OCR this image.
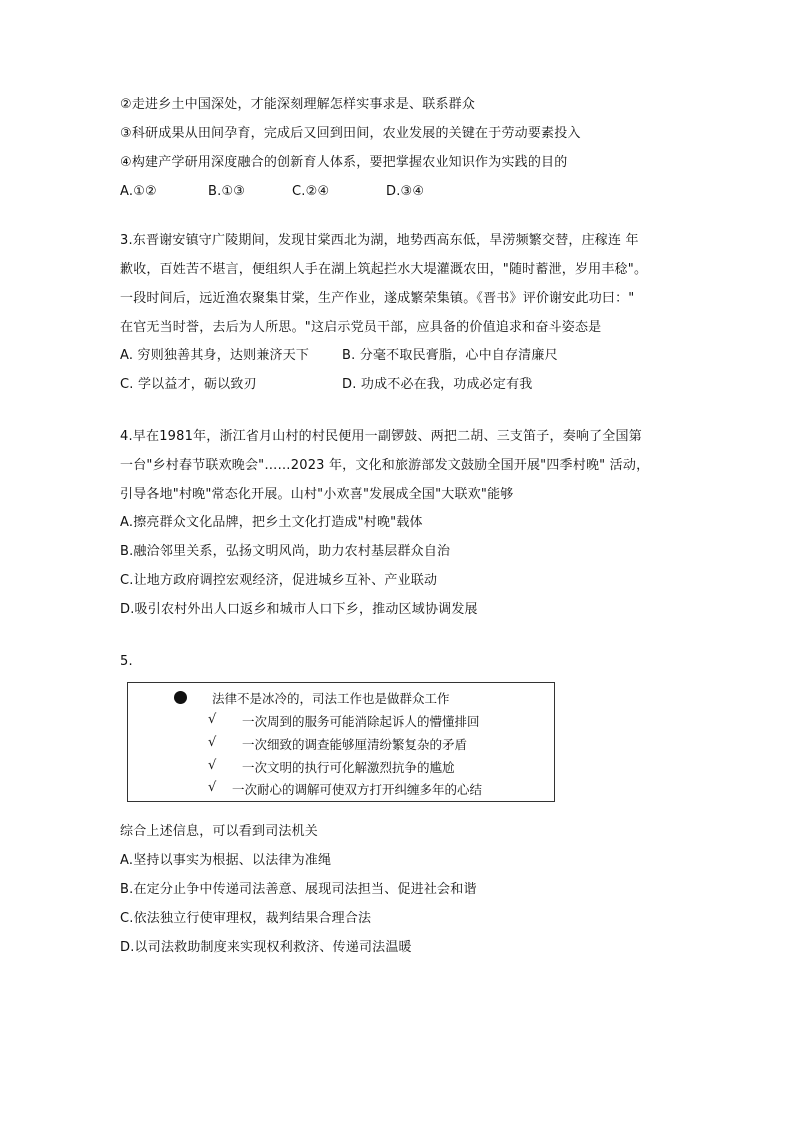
②走进乡土中国深处，才能深刻理解怎样实事求是、联系群众
③科研成果从田间孕育，完成后又回到田间，农业发展的关键在于劳动要素投入
④构建产学研用深度融合的创新育人体系，要把掌握农业知识作为实践的目的
A.①②	B.①③	C.②④	D.③④
3.东晋谢安镇守广陵期间，发现甘棠西北为湖，地势西高东低，旱涝频繁交替，庄稼连 年
歉收，百姓苦不堪言，便组织人手在湖上筑起拦水大堤灌溉农田，"随时蓄泄，岁用丰稔"。
一段时间后，远近渔农聚集甘棠，生产作业，遂成繁荣集镇。《晋书》评价谢安此功曰："
在官无当时誉，去后为人所思。"这启示党员干部，应具备的价值追求和奋斗姿态是
A. 穷则独善其身，达则兼济天下	B. 分毫不取民膏脂，心中自存清廉尺
C. 学以益才，砺以致刃	D. 功成不必在我，功成必定有我
4.早在1981年，浙江省月山村的村民便用一副锣鼓、两把二胡、三支笛子，奏响了全国第
一台"乡村春节联欢晚会"……2023 年，文化和旅游部发文鼓励全国开展"四季村晚" 活动，
引导各地"村晚"常态化开展。山村"小欢喜"发展成全国"大联欢"能够
A.擦亮群众文化品牌，把乡土文化打造成"村晚"载体
B.融洽邻里关系，弘扬文明风尚，助力农村基层群众自治
C.让地方政府调控宏观经济，促进城乡互补、产业联动
D.吸引农村外出人口返乡和城市人口下乡，推动区域协调发展
5.
法律不是冰冷的，司法工作也是做群众工作
√ 一次周到的服务可能消除起诉人的懵懂排回
√ 一次细致的调查能够厘清纷繁复杂的矛盾
√ 一次文明的执行可化解激烈抗争的尴尬
√ 一次耐心的调解可使双方打开纠缠多年的心结
综合上述信息，可以看到司法机关
A.坚持以事实为根据、以法律为准绳
B.在定分止争中传递司法善意、展现司法担当、促进社会和谐
C.依法独立行使审理权，裁判结果合理合法
D.以司法救助制度来实现权利救济、传递司法温暖
